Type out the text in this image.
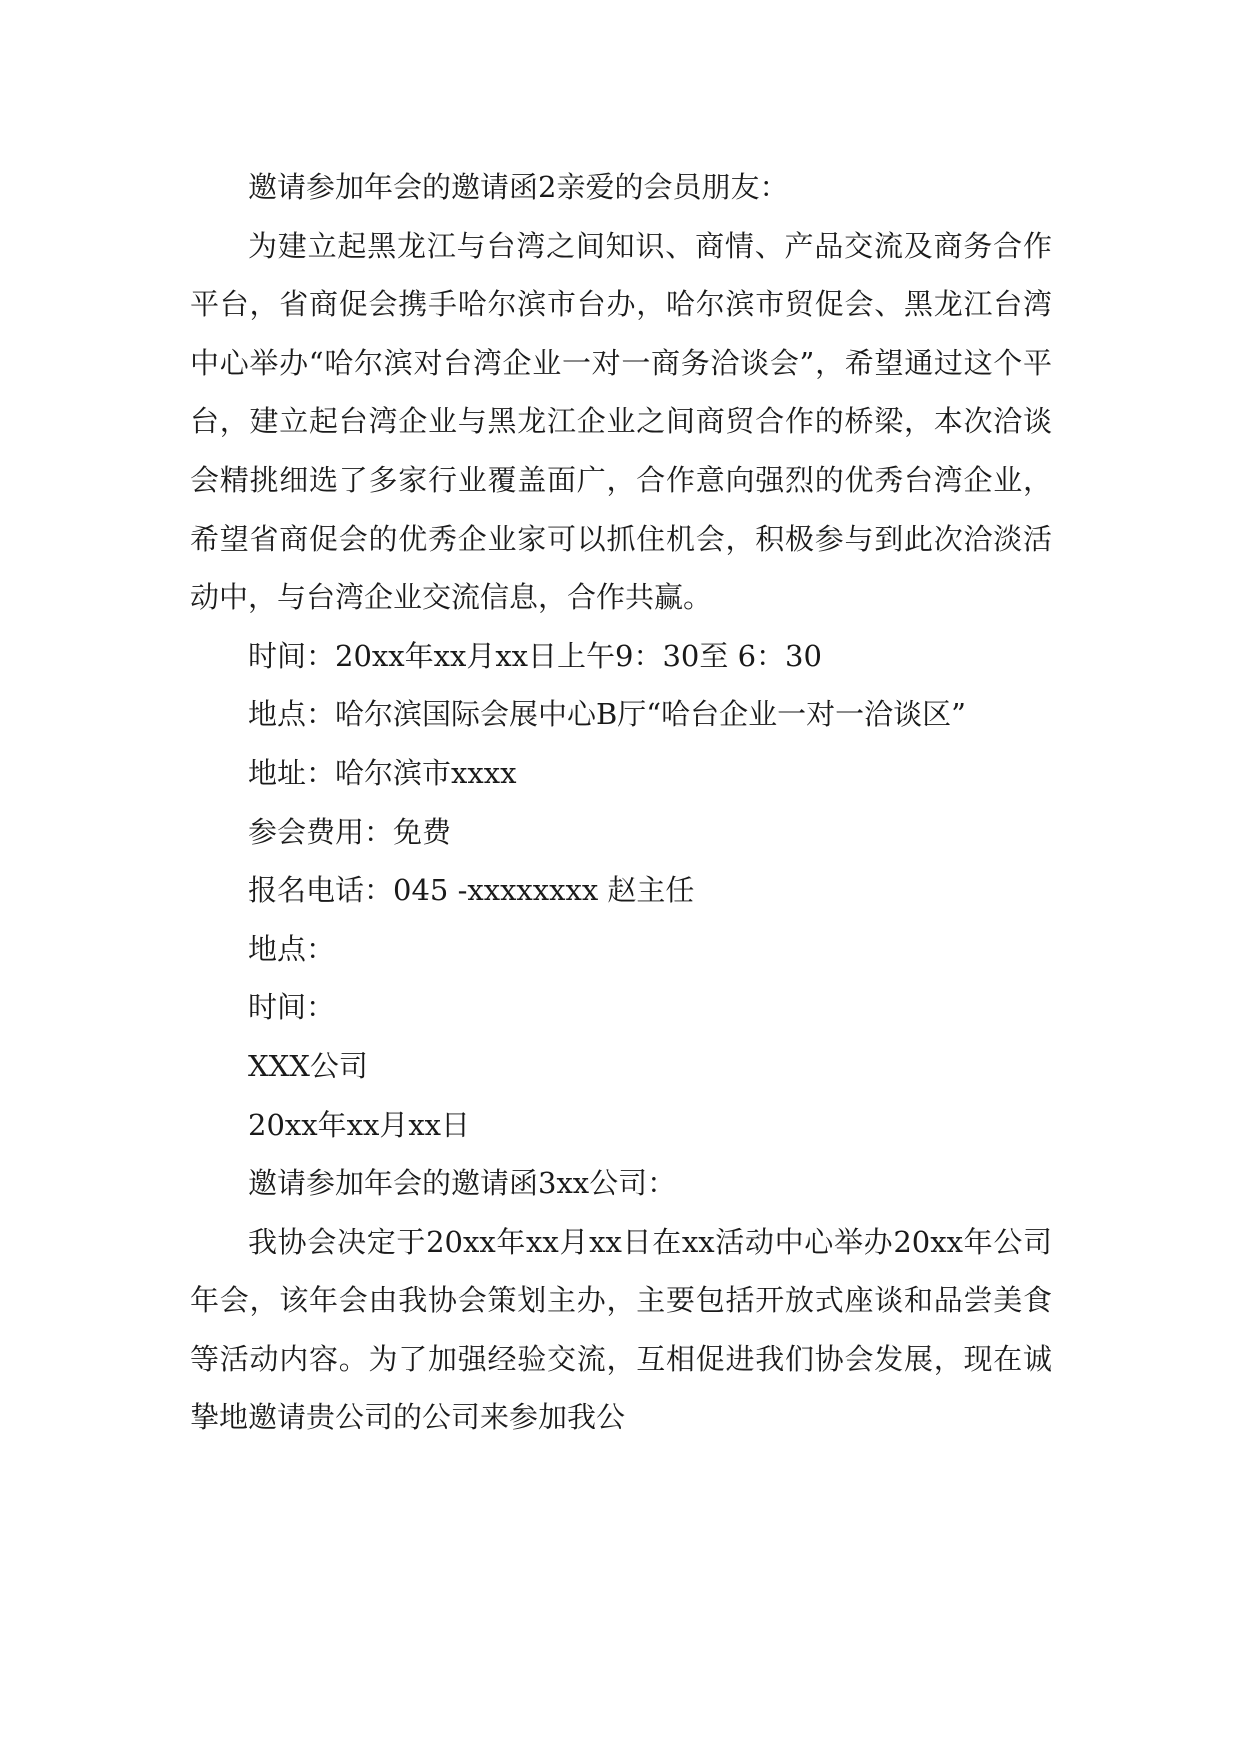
邀请参加年会的邀请函2亲爱的会员朋友：

为建立起黑龙江与台湾之间知识、商情、产品交流及商务合作平台，省商促会携手哈尔滨市台办，哈尔滨市贸促会、黑龙江台湾中心举办“哈尔滨对台湾企业一对一商务洽谈会”，希望通过这个平台，建立起台湾企业与黑龙江企业之间商贸合作的桥梁，本次洽谈会精挑细选了多家行业覆盖面广，合作意向强烈的优秀台湾企业，希望省商促会的优秀企业家可以抓住机会，积极参与到此次洽淡活动中，与台湾企业交流信息，合作共赢。

时间：20xx年xx月xx日上午9：30至 6：30

地点：哈尔滨国际会展中心B厅“哈台企业一对一洽谈区”

地址：哈尔滨市xxxx

参会费用：免费

报名电话：045 -xxxxxxxx 赵主任

地点：

时间：

XXX公司

20xx年xx月xx日

邀请参加年会的邀请函3xx公司：

我协会决定于20xx年xx月xx日在xx活动中心举办20xx年公司年会，该年会由我协会策划主办，主要包括开放式座谈和品尝美食等活动内容。为了加强经验交流，互相促进我们协会发展，现在诚挚地邀请贵公司的公司来参加我公
